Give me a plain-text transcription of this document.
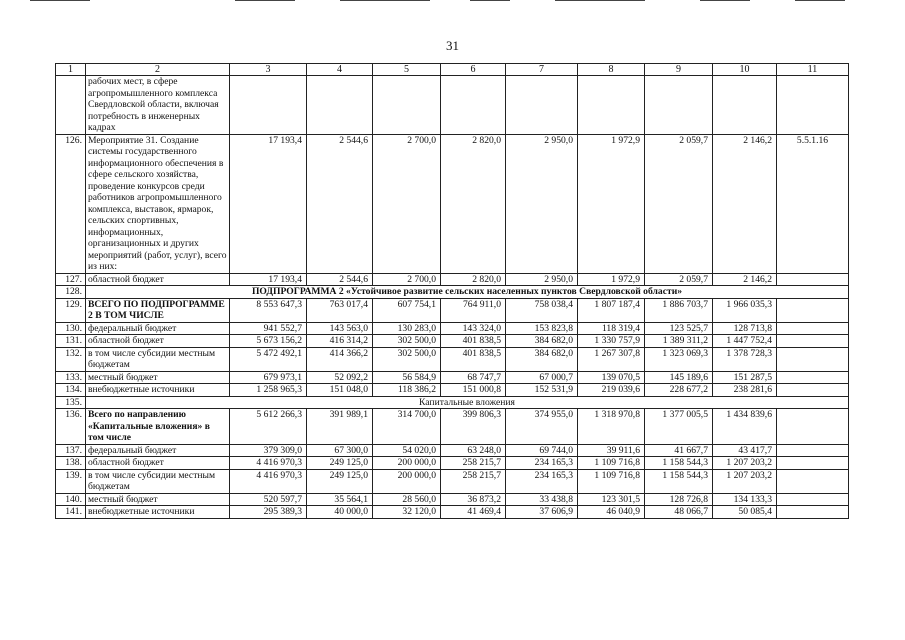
31
1	2	3	4	5	6	7	8	9	10	11
	рабочих мест, в сфере агропромышленного комплекса Свердловской области, включая потребность в инженерных кадрах									
126.	Мероприятие 31. Создание системы государственного информационного обеспечения в сфере сельского хозяйства, проведение конкурсов среди работников агропромышленного комплекса, выставок, ярмарок, сельских спортивных, информационных, организационных и других мероприятий (работ, услуг), всего из них:	17 193,4	2 544,6	2 700,0	2 820,0	2 950,0	1 972,9	2 059,7	2 146,2	5.5.1.16
127.	областной бюджет	17 193,4	2 544,6	2 700,0	2 820,0	2 950,0	1 972,9	2 059,7	2 146,2	
128.	ПОДПРОГРАММА 2 «Устойчивое развитие сельских населенных пунктов Свердловской области»									
129.	ВСЕГО ПО ПОДПРОГРАММЕ 2 В ТОМ ЧИСЛЕ	8 553 647,3	763 017,4	607 754,1	764 911,0	758 038,4	1 807 187,4	1 886 703,7	1 966 035,3	
130.	федеральный бюджет	941 552,7	143 563,0	130 283,0	143 324,0	153 823,8	118 319,4	123 525,7	128 713,8	
131.	областной бюджет	5 673 156,2	416 314,2	302 500,0	401 838,5	384 682,0	1 330 757,9	1 389 311,2	1 447 752,4	
132.	в том числе субсидии местным бюджетам	5 472 492,1	414 366,2	302 500,0	401 838,5	384 682,0	1 267 307,8	1 323 069,3	1 378 728,3	
133.	местный бюджет	679 973,1	52 092,2	56 584,9	68 747,7	67 000,7	139 070,5	145 189,6	151 287,5	
134.	внебюджетные источники	1 258 965,3	151 048,0	118 386,2	151 000,8	152 531,9	219 039,6	228 677,2	238 281,6	
135.	Капитальные вложения									
136.	Всего по направлению «Капитальные вложения» в том числе	5 612 266,3	391 989,1	314 700,0	399 806,3	374 955,0	1 318 970,8	1 377 005,5	1 434 839,6	
137.	федеральный бюджет	379 309,0	67 300,0	54 020,0	63 248,0	69 744,0	39 911,6	41 667,7	43 417,7	
138.	областной бюджет	4 416 970,3	249 125,0	200 000,0	258 215,7	234 165,3	1 109 716,8	1 158 544,3	1 207 203,2	
139.	в том числе субсидии местным бюджетам	4 416 970,3	249 125,0	200 000,0	258 215,7	234 165,3	1 109 716,8	1 158 544,3	1 207 203,2	
140.	местный бюджет	520 597,7	35 564,1	28 560,0	36 873,2	33 438,8	123 301,5	128 726,8	134 133,3	
141.	внебюджетные источники	295 389,3	40 000,0	32 120,0	41 469,4	37 606,9	46 040,9	48 066,7	50 085,4	
